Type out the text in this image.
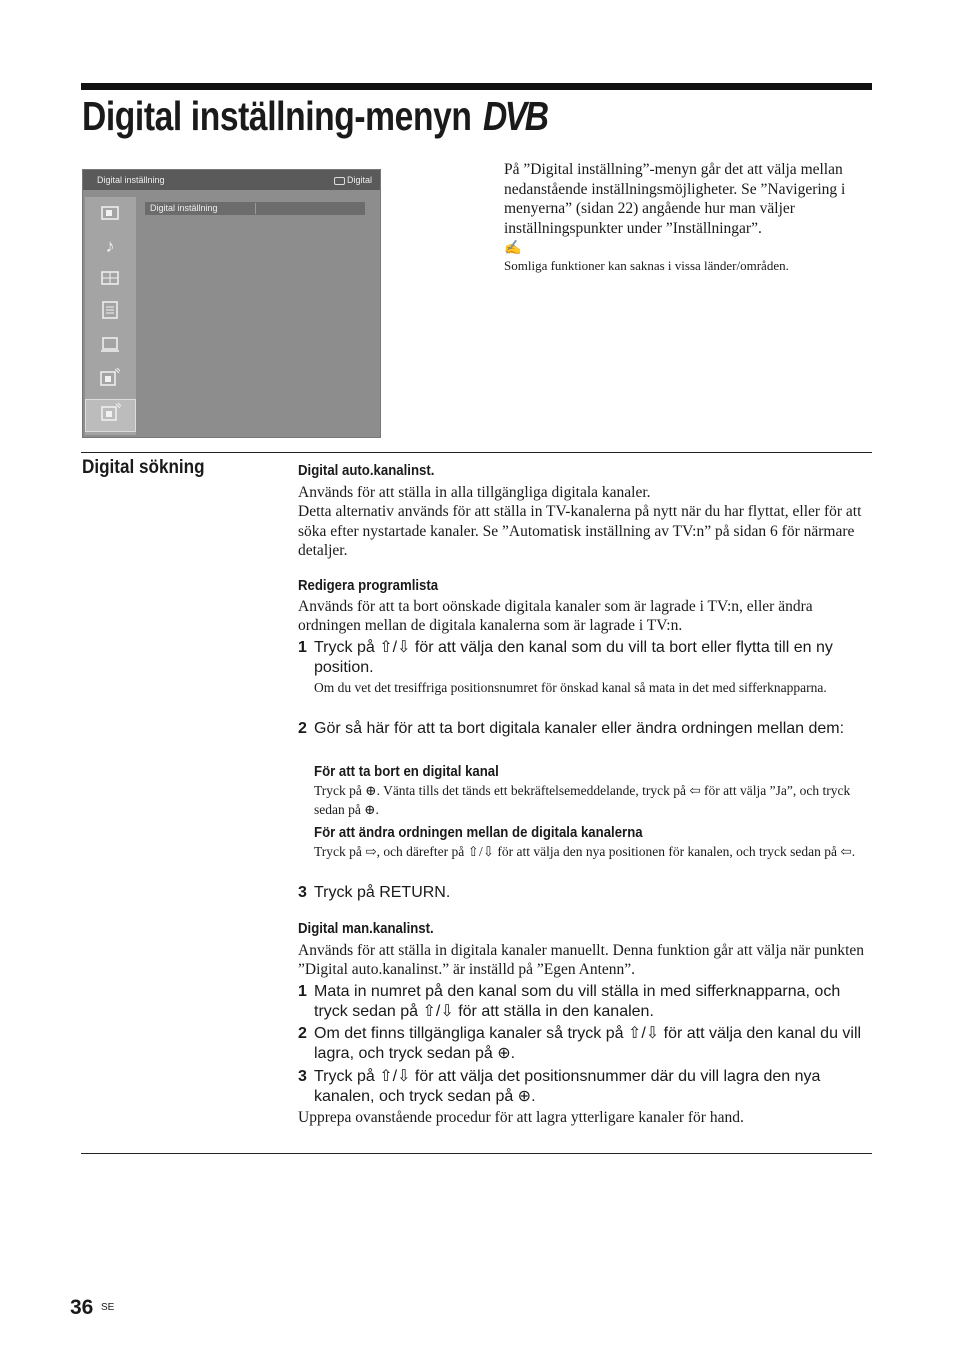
Digital inställning-menyn DVB
Digital inställning	Digital
♪
Digital inställning
På ”Digital inställning”-menyn går det att välja mellan nedanstående inställningsmöjligheter. Se ”Navigering i menyerna” (sidan 22) angående hur man väljer inställningspunkter under ”Inställningar”.
✍
Somliga funktioner kan saknas i vissa länder/områden.
Digital sökning	Digital auto.kanalinst.
Används för att ställa in alla tillgängliga digitala kanaler.
Detta alternativ används för att ställa in TV-kanalerna på nytt när du har flyttat, eller för att söka efter nystartade kanaler. Se ”Automatisk inställning av TV:n” på sidan 6 för närmare detaljer.
Redigera programlista
Används för att ta bort oönskade digitala kanaler som är lagrade i TV:n, eller ändra ordningen mellan de digitala kanalerna som är lagrade i TV:n.
1 Tryck på ⇧/⇩ för att välja den kanal som du vill ta bort eller flytta till en ny position.
Om du vet det tresiffriga positionsnumret för önskad kanal så mata in det med sifferknapparna.
2 Gör så här för att ta bort digitala kanaler eller ändra ordningen mellan dem:
För att ta bort en digital kanal
Tryck på ⊕. Vänta tills det tänds ett bekräftelsemeddelande, tryck på ⇦ för att välja ”Ja”, och tryck sedan på ⊕.
För att ändra ordningen mellan de digitala kanalerna
Tryck på ⇨, och därefter på ⇧/⇩ för att välja den nya positionen för kanalen, och tryck sedan på ⇦.
3 Tryck på RETURN.
Digital man.kanalinst.
Används för att ställa in digitala kanaler manuellt. Denna funktion går att välja när punkten ”Digital auto.kanalinst.” är inställd på ”Egen Antenn”.
1 Mata in numret på den kanal som du vill ställa in med sifferknapparna, och tryck sedan på ⇧/⇩ för att ställa in den kanalen.
2 Om det finns tillgängliga kanaler så tryck på ⇧/⇩ för att välja den kanal du vill lagra, och tryck sedan på ⊕.
3 Tryck på ⇧/⇩ för att välja det positionsnummer där du vill lagra den nya kanalen, och tryck sedan på ⊕.
Upprepa ovanstående procedur för att lagra ytterligare kanaler för hand.
36 SE
